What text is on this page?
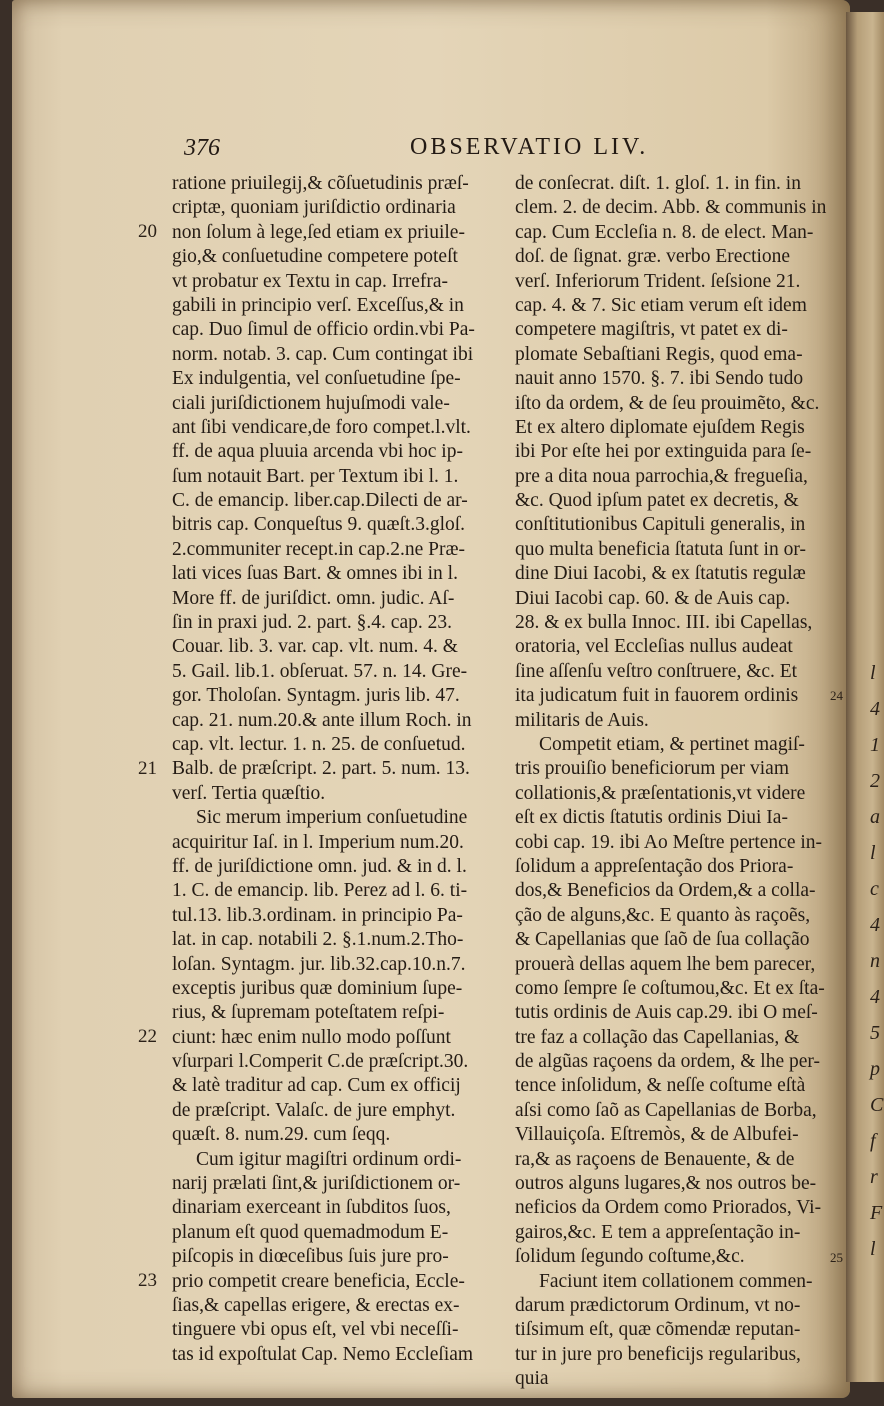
376	OBSERVATIO LIV.
ratione priuilegij,& cõſuetudinis præſ-
criptæ, quoniam juriſdictio ordinaria
non ſolum à lege,ſed etiam ex priuile-
gio,& conſuetudine competere poteſt
vt probatur ex Textu in cap. Irrefra-
gabili in principio verſ. Exceſſus,& in
cap. Duo ſimul de officio ordin.vbi Pa-
norm. notab. 3. cap. Cum contingat ibi
Ex indulgentia, vel conſuetudine ſpe-
ciali juriſdictionem hujuſmodi vale-
ant ſibi vendicare,de foro compet.l.vlt.
ff. de aqua pluuia arcenda vbi hoc ip-
ſum notauit Bart. per Textum ibi l. 1.
C. de emancip. liber.cap.Dilecti de ar-
bitris cap. Conqueſtus 9. quæſt.3.gloſ.
2.communiter recept.in cap.2.ne Præ-
lati vices ſuas Bart. & omnes ibi in l.
More ff. de juriſdict. omn. judic. Aſ-
ſin in praxi jud. 2. part. §.4. cap. 23.
Couar. lib. 3. var. cap. vlt. num. 4. &
5. Gail. lib.1. obſeruat. 57. n. 14. Gre-
gor. Tholoſan. Syntagm. juris lib. 47.
cap. 21. num.20.& ante illum Roch. in
cap. vlt. lectur. 1. n. 25. de conſuetud.
Balb. de præſcript. 2. part. 5. num. 13.
verſ. Tertia quæſtio.
Sic merum imperium conſuetudine
acquiritur Iaſ. in l. Imperium num.20.
ff. de juriſdictione omn. jud. & in d. l.
1. C. de emancip. lib. Perez ad l. 6. ti-
tul.13. lib.3.ordinam. in principio Pa-
lat. in cap. notabili 2. §.1.num.2.Tho-
loſan. Syntagm. jur. lib.32.cap.10.n.7.
exceptis juribus quæ dominium ſupe-
rius, & ſupremam poteſtatem reſpi-
ciunt: hæc enim nullo modo poſſunt
vſurpari l.Comperit C.de præſcript.30.
& latè traditur ad cap. Cum ex officij
de præſcript. Valaſc. de jure emphyt.
quæſt. 8. num.29. cum ſeqq.
Cum igitur magiſtri ordinum ordi-
narij prælati ſint,& juriſdictionem or-
dinariam exerceant in ſubditos ſuos,
planum eſt quod quemadmodum E-
piſcopis in diœceſibus ſuis jure pro-
prio competit creare beneficia, Eccle-
ſias,& capellas erigere, & erectas ex-
tinguere vbi opus eſt, vel vbi neceſſi-
tas id expoſtulat Cap. Nemo Eccleſiam
de conſecrat. diſt. 1. gloſ. 1. in fin. in
clem. 2. de decim. Abb. & communis in
cap. Cum Eccleſia n. 8. de elect. Man-
doſ. de ſignat. græ. verbo Erectione
verſ. Inferiorum Trident. ſeſsione 21.
cap. 4. & 7. Sic etiam verum eſt idem
competere magiſtris, vt patet ex di-
plomate Sebaſtiani Regis, quod ema-
nauit anno 1570. §. 7. ibi Sendo tudo
iſto da ordem, & de ſeu prouimẽto, &c.
Et ex altero diplomate ejuſdem Regis
ibi Por eſte hei por extinguida para ſe-
pre a dita noua parrochia,& fregueſia,
&c. Quod ipſum patet ex decretis, &
conſtitutionibus Capituli generalis, in
quo multa beneficia ſtatuta ſunt in or-
dine Diui Iacobi, & ex ſtatutis regulæ
Diui Iacobi cap. 60. & de Auis cap.
28. & ex bulla Innoc. III. ibi Capellas,
oratoria, vel Eccleſias nullus audeat
ſine aſſenſu veſtro conſtruere, &c. Et
ita judicatum fuit in fauorem ordinis
militaris de Auis.
Competit etiam, & pertinet magiſ-
tris prouiſio beneficiorum per viam
collationis,& præſentationis,vt videre
eſt ex dictis ſtatutis ordinis Diui Ia-
cobi cap. 19. ibi Ao Meſtre pertence in-
ſolidum a appreſentação dos Priora-
dos,& Beneficios da Ordem,& a colla-
ção de alguns,&c. E quanto às raçoẽs,
& Capellanias que ſaõ de ſua collação
prouerà dellas aquem lhe bem parecer,
como ſempre ſe coſtumou,&c. Et ex ſta-
tutis ordinis de Auis cap.29. ibi O meſ-
tre faz a collação das Capellanias, &
de algũas raçoens da ordem, & lhe per-
tence inſolidum, & neſſe coſtume eſtà
aſsi como ſaõ as Capellanias de Borba,
Villauiçoſa. Eſtremòs, & de Albufei-
ra,& as raçoens de Benauente, & de
outros alguns lugares,& nos outros be-
neficios da Ordem como Priorados, Vi-
gairos,&c. E tem a appreſentação in-
ſolidum ſegundo coſtume,&c.
Faciunt item collationem commen-
darum prædictorum Ordinum, vt no-
tiſsimum eſt, quæ cõmendæ reputan-
tur in jure pro beneficijs regularibus,
quia
l
4
1
2
a
l
c
4
n
4
5
p
C
f
r
F
l
20
21
22
23
24
25
